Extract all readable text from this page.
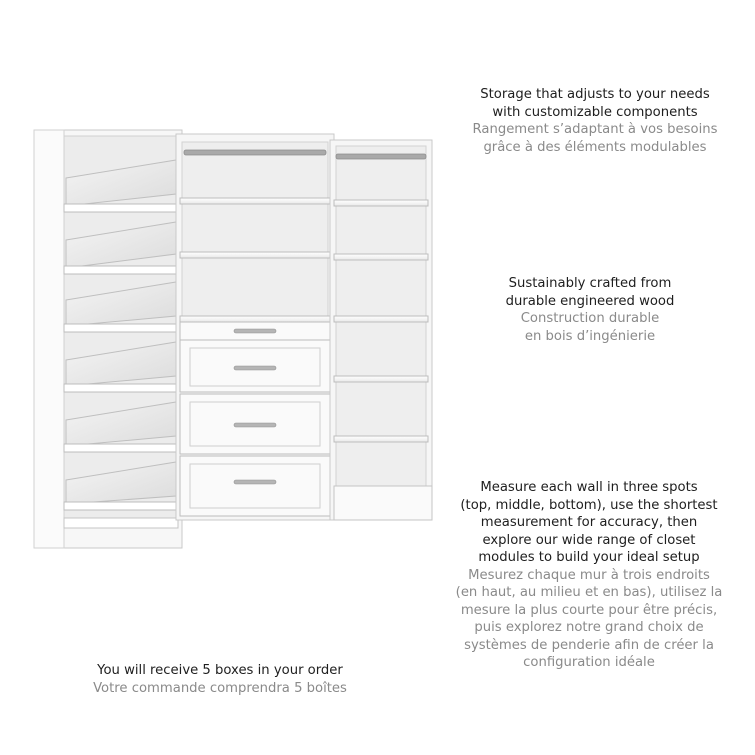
Storage that adjusts to your needs
with customizable components
Rangement s’adaptant à vos besoins
grâce à des éléments modulables
Sustainably crafted from
durable engineered wood
Construction durable
en bois d’ingénierie
Measure each wall in three spots
(top, middle, bottom), use the shortest
measurement for accuracy, then
explore our wide range of closet
modules to build your ideal setup
Mesurez chaque mur à trois endroits
(en haut, au milieu et en bas), utilisez la
mesure la plus courte pour être précis,
puis explorez notre grand choix de
systèmes de penderie afin de créer la
configuration idéale
You will receive 5 boxes in your order
Votre commande comprendra 5 boîtes
